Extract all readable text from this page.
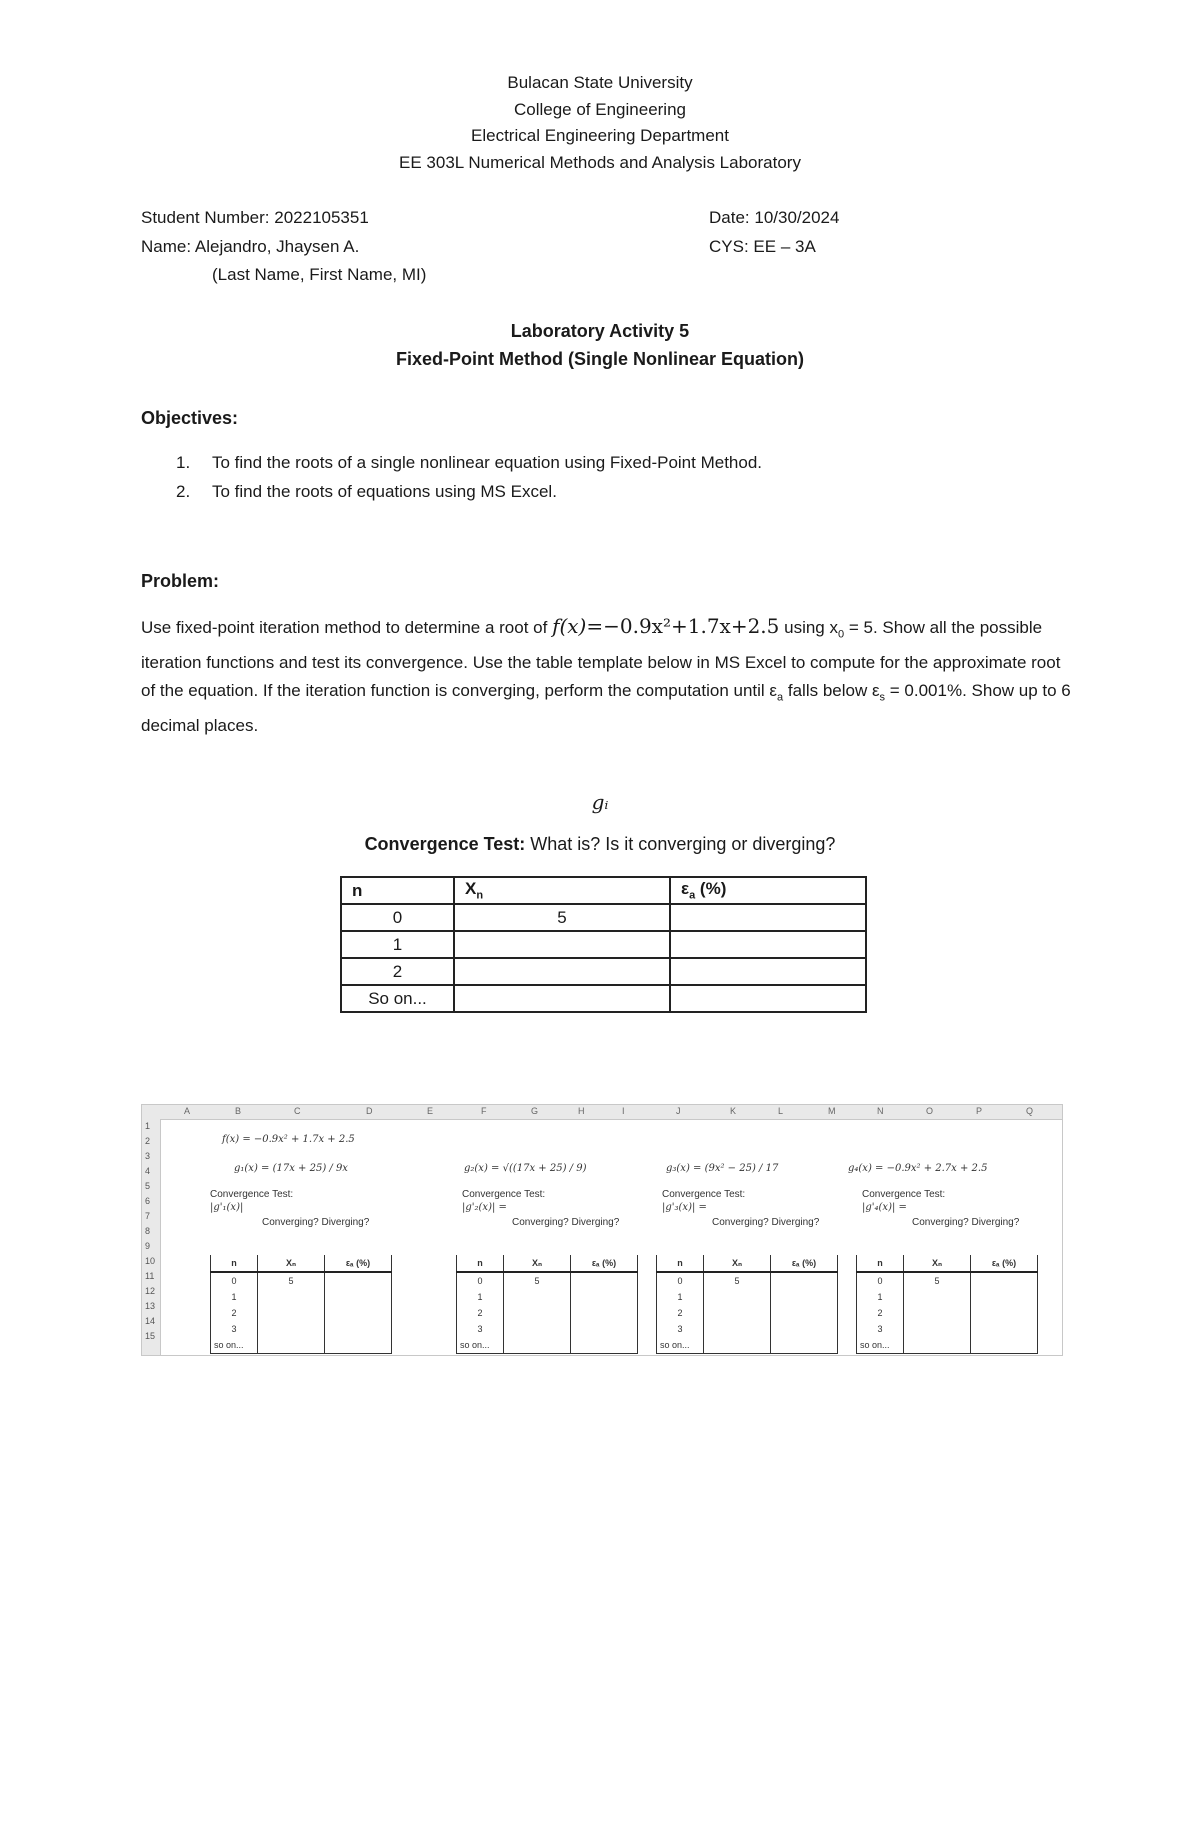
Bulacan State University
College of Engineering
Electrical Engineering Department
EE 303L Numerical Methods and Analysis Laboratory
Student Number: 2022105351
Name: Alejandro, Jhaysen A.
(Last Name, First Name, MI)
Date: 10/30/2024
CYS: EE – 3A
Laboratory Activity 5
Fixed-Point Method (Single Nonlinear Equation)
Objectives:
1. To find the roots of a single nonlinear equation using Fixed-Point Method.
2. To find the roots of equations using MS Excel.
Problem:
Use fixed-point iteration method to determine a root of f(x)=−0.9x²+1.7x+2.5 using $x_0 = 5$. Show all the possible iteration functions and test its convergence. Use the table template below in MS Excel to compute for the approximate root of the equation. If the iteration function is converging, perform the computation until $\varepsilon_a$ falls below $\varepsilon_s = 0.001\%$. Show up to 6 decimal places.
gᵢ
Convergence Test: What is? Is it converging or diverging?
n	$X_n$	$\varepsilon_a$ (%)
0	5	
1		
2		
So on...		
A	B	C	D	E	F	G	H	I	J	K	L	M	N	O	P	Q
1
2
3
4
5
6
7
8
9
10
11
12
13
14
15
f(x) = −0.9x² + 1.7x + 2.5
g₁(x) = (17x + 25) / 9x
Convergence Test:
|g'₁(x)|
Converging? Diverging?
g₂(x) = √((17x + 25) / 9)
Convergence Test:
|g'₂(x)| =
Converging? Diverging?
g₃(x) = (9x² − 25) / 17
Convergence Test:
|g'₃(x)| =
Converging? Diverging?
g₄(x) = −0.9x² + 2.7x + 2.5
Convergence Test:
|g'₄(x)| =
Converging? Diverging?
n	Xₙ	εₐ (%)
0	5	
1		
2		
3		
so on...		
n	Xₙ	εₐ (%)
0	5	
1		
2		
3		
so on...		
n	Xₙ	εₐ (%)
0	5	
1		
2		
3		
so on...		
n	Xₙ	εₐ (%)
0	5	
1		
2		
3		
so on...		
